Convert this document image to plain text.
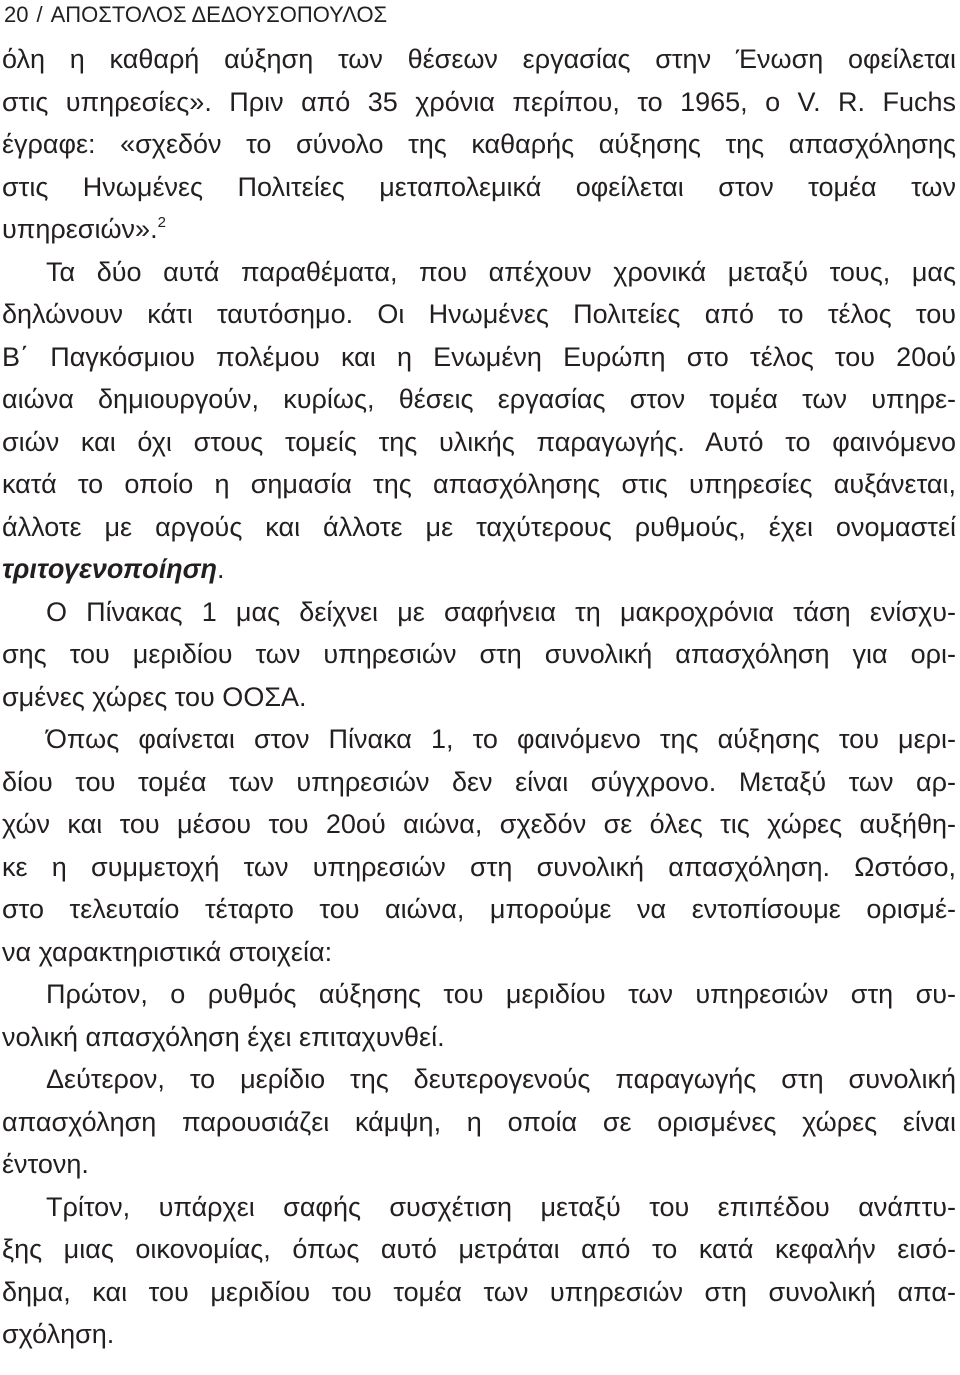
20 / ΑΠΟΣΤΟΛΟΣ ΔΕΔΟΥΣΟΠΟΥΛΟΣ
όλη η καθαρή αύξηση των θέσεων εργασίας στην Ένωση οφείλεται
στις υπηρεσίες». Πριν από 35 χρόνια περίπου, το 1965, ο V. R. Fuchs
έγραφε: «σχεδόν το σύνολο της καθαρής αύξησης της απασχόλησης
στις Ηνωμένες Πολιτείες μεταπολεμικά οφείλεται στον τομέα των
υπηρεσιών».$^2$
Τα δύο αυτά παραθέματα, που απέχουν χρονικά μεταξύ τους, μας
δηλώνουν κάτι ταυτόσημο. Οι Ηνωμένες Πολιτείες από το τέλος του
Β΄ Παγκόσμιου πολέμου και η Ενωμένη Ευρώπη στο τέλος του 20ού
αιώνα δημιουργούν, κυρίως, θέσεις εργασίας στον τομέα των υπηρε-
σιών και όχι στους τομείς της υλικής παραγωγής. Αυτό το φαινόμενο
κατά το οποίο η σημασία της απασχόλησης στις υπηρεσίες αυξάνεται,
άλλοτε με αργούς και άλλοτε με ταχύτερους ρυθμούς, έχει ονομαστεί
τριτογενοποίηση.
Ο Πίνακας 1 μας δείχνει με σαφήνεια τη μακροχρόνια τάση ενίσχυ-
σης του μεριδίου των υπηρεσιών στη συνολική απασχόληση για ορι-
σμένες χώρες του ΟΟΣΑ.
Όπως φαίνεται στον Πίνακα 1, το φαινόμενο της αύξησης του μερι-
δίου του τομέα των υπηρεσιών δεν είναι σύγχρονο. Μεταξύ των αρ-
χών και του μέσου του 20ού αιώνα, σχεδόν σε όλες τις χώρες αυξήθη-
κε η συμμετοχή των υπηρεσιών στη συνολική απασχόληση. Ωστόσο,
στο τελευταίο τέταρτο του αιώνα, μπορούμε να εντοπίσουμε ορισμέ-
να χαρακτηριστικά στοιχεία:
Πρώτον, ο ρυθμός αύξησης του μεριδίου των υπηρεσιών στη συ-
νολική απασχόληση έχει επιταχυνθεί.
Δεύτερον, το μερίδιο της δευτερογενούς παραγωγής στη συνολική
απασχόληση παρουσιάζει κάμψη, η οποία σε ορισμένες χώρες είναι
έντονη.
Τρίτον, υπάρχει σαφής συσχέτιση μεταξύ του επιπέδου ανάπτυ-
ξης μιας οικονομίας, όπως αυτό μετράται από το κατά κεφαλήν εισό-
δημα, και του μεριδίου του τομέα των υπηρεσιών στη συνολική απα-
σχόληση.
